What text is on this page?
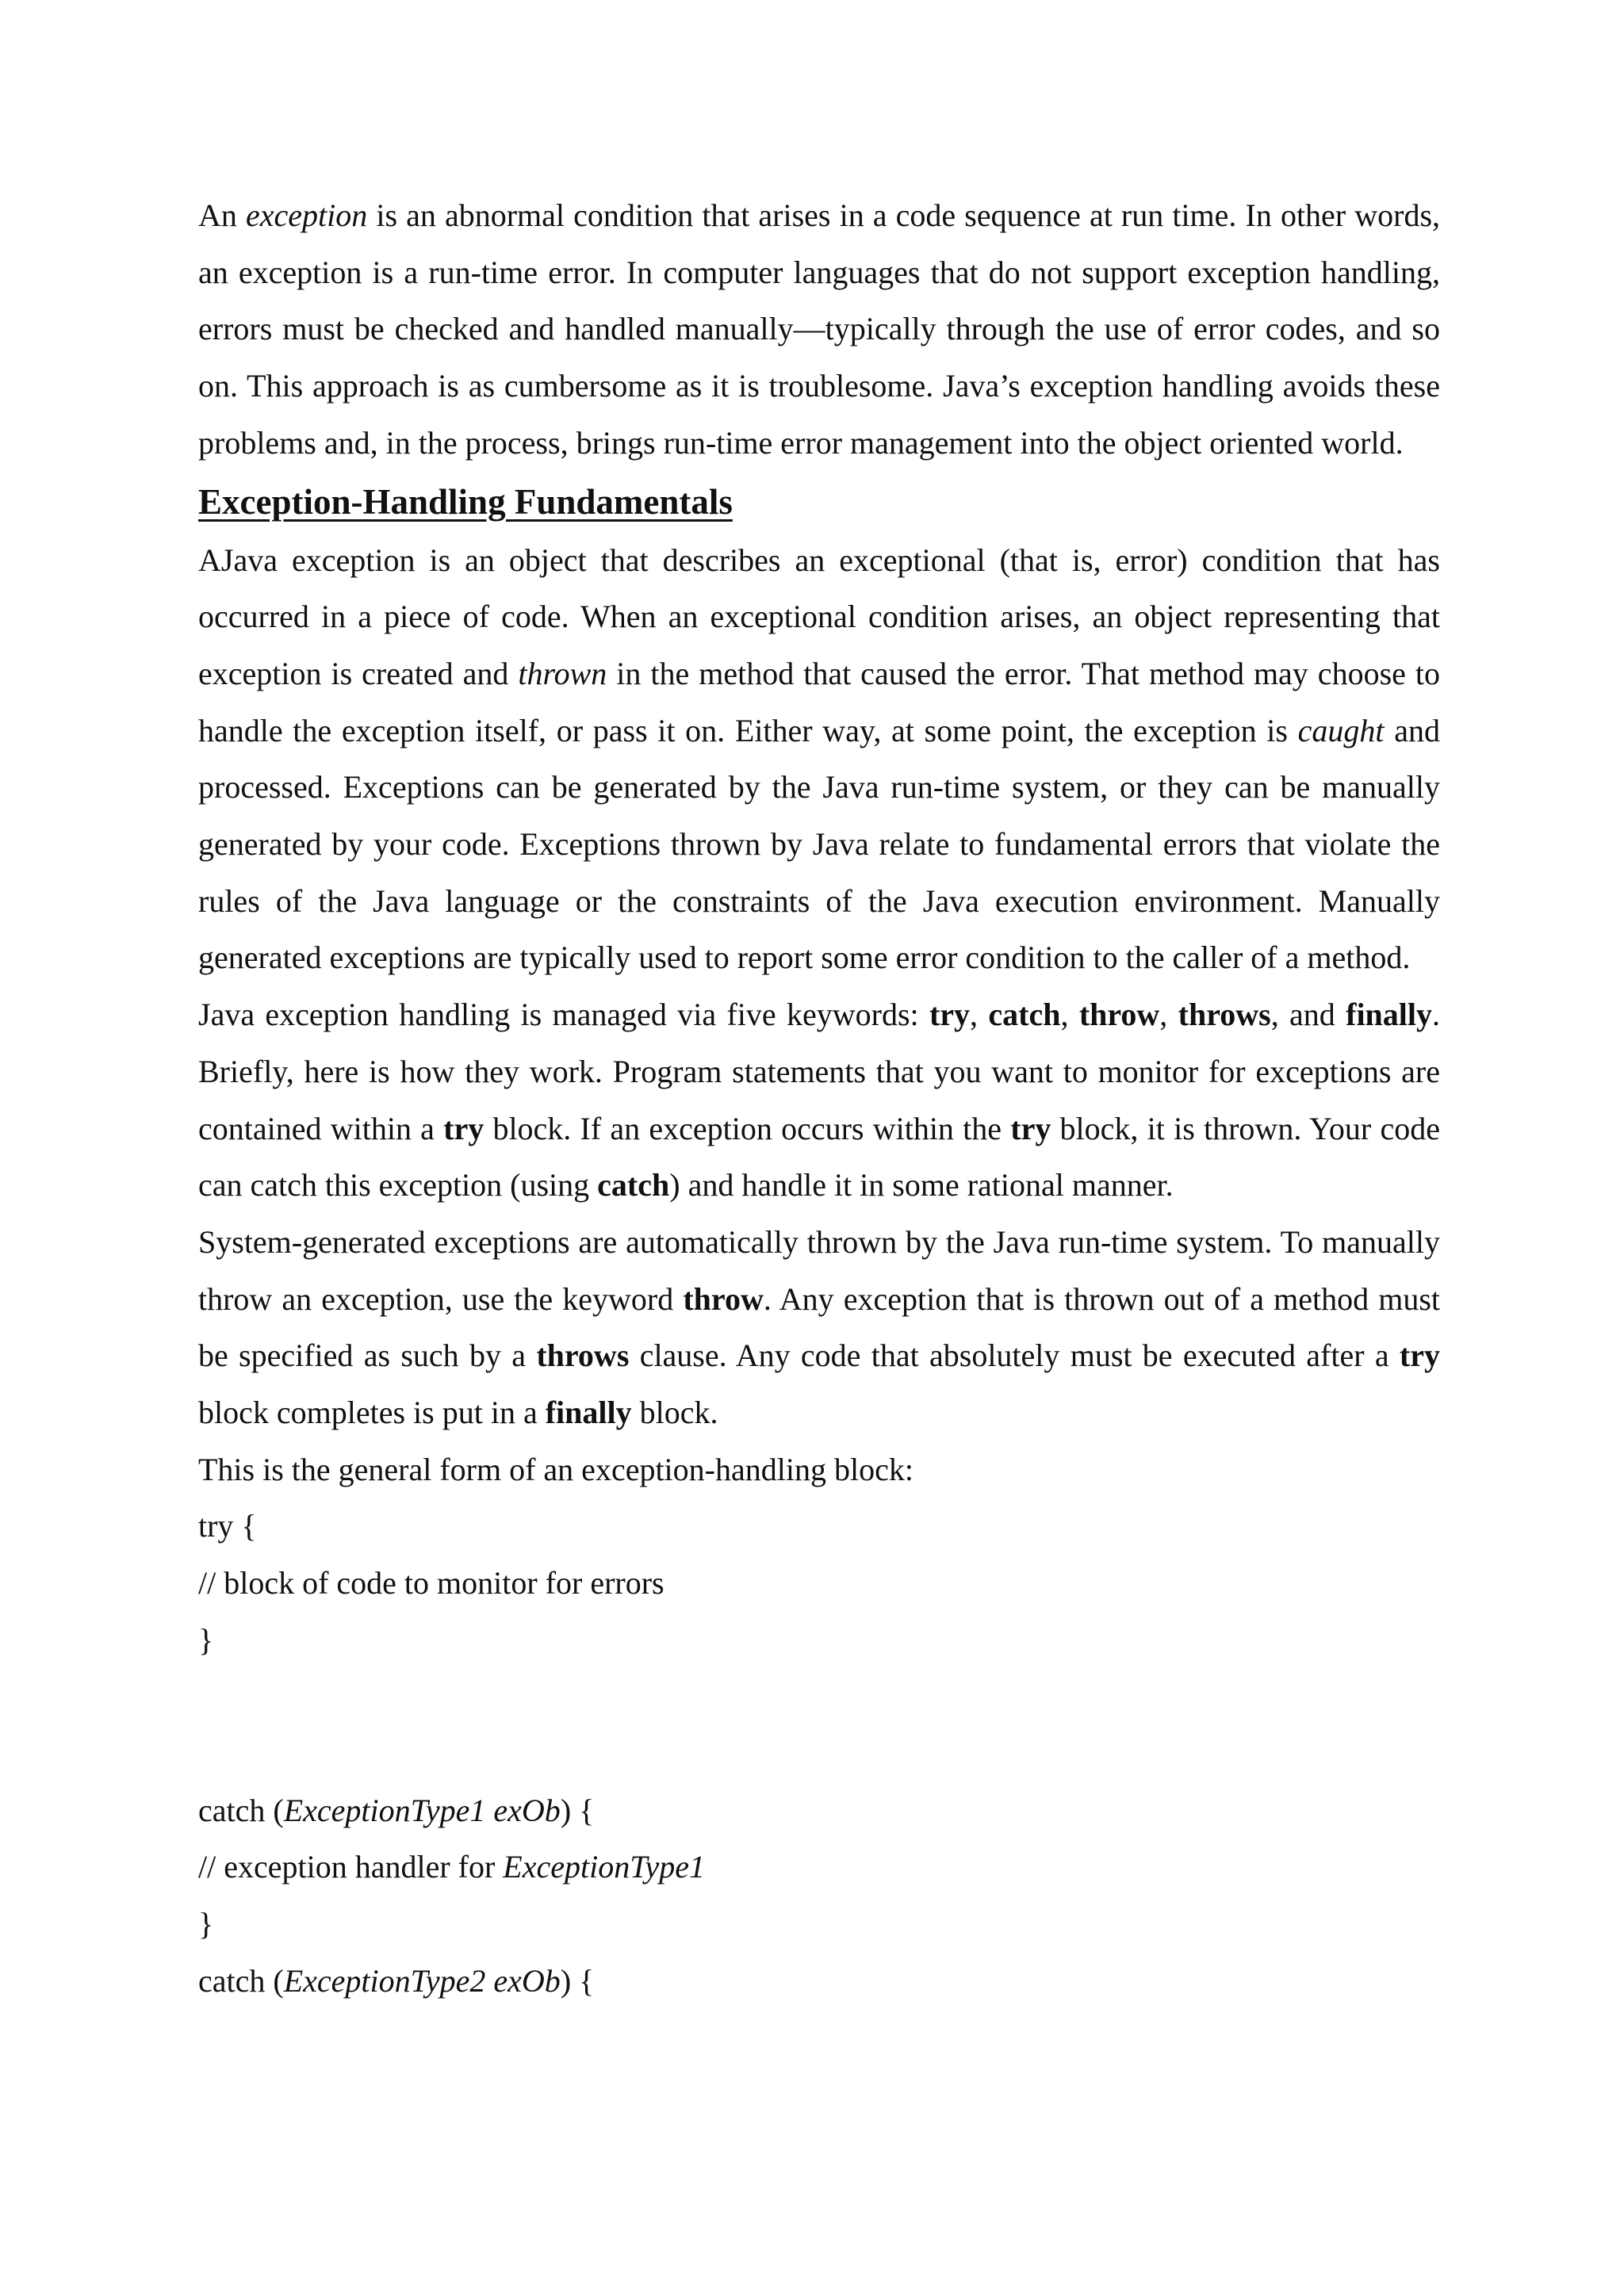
An exception is an abnormal condition that arises in a code sequence at run time. In other words, an exception is a run-time error. In computer languages that do not support exception handling, errors must be checked and handled manually—typically through the use of error codes, and so on. This approach is as cumbersome as it is troublesome. Java’s exception handling avoids these problems and, in the process, brings run-time error management into the object oriented world.

Exception-Handling Fundamentals

AJava exception is an object that describes an exceptional (that is, error) condition that has occurred in a piece of code. When an exceptional condition arises, an object representing that exception is created and thrown in the method that caused the error. That method may choose to handle the exception itself, or pass it on. Either way, at some point, the exception is caught and processed. Exceptions can be generated by the Java run-time system, or they can be manually generated by your code. Exceptions thrown by Java relate to fundamental errors that violate the rules of the Java language or the constraints of the Java execution environment. Manually generated exceptions are typically used to report some error condition to the caller of a method.

Java exception handling is managed via five keywords: try, catch, throw, throws, and finally. Briefly, here is how they work. Program statements that you want to monitor for exceptions are contained within a try block. If an exception occurs within the try block, it is thrown. Your code can catch this exception (using catch) and handle it in some rational manner.

System-generated exceptions are automatically thrown by the Java run-time system. To manually throw an exception, use the keyword throw. Any exception that is thrown out of a method must be specified as such by a throws clause. Any code that absolutely must be executed after a try block completes is put in a finally block.

This is the general form of an exception-handling block:

try {

// block of code to monitor for errors

}

catch (ExceptionType1 exOb) {

// exception handler for ExceptionType1

}

catch (ExceptionType2 exOb) {
